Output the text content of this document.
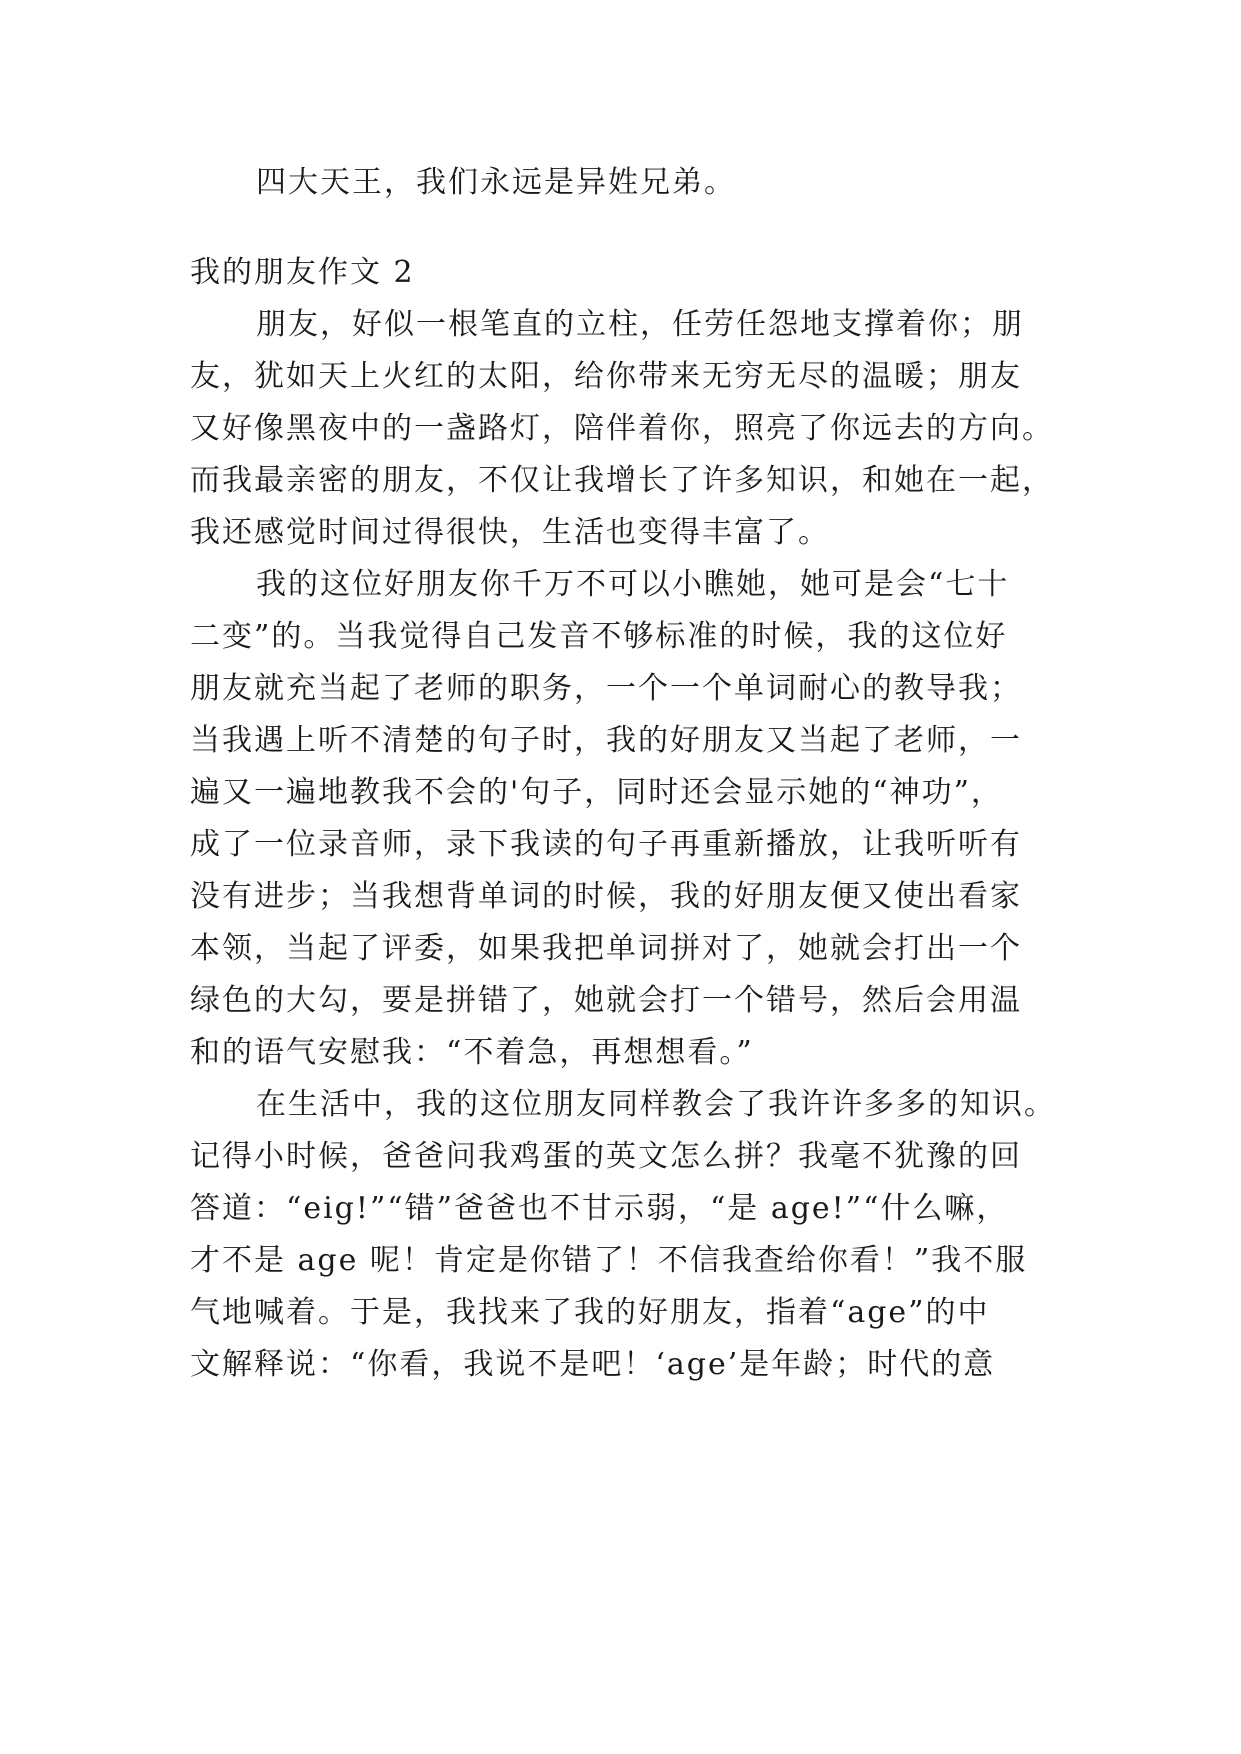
四大天王，我们永远是异姓兄弟。
我的朋友作文 2
朋友，好似一根笔直的立柱，任劳任怨地支撑着你；朋
友，犹如天上火红的太阳，给你带来无穷无尽的温暖；朋友
又好像黑夜中的一盏路灯，陪伴着你，照亮了你远去的方向。
而我最亲密的朋友，不仅让我增长了许多知识，和她在一起，
我还感觉时间过得很快，生活也变得丰富了。
我的这位好朋友你千万不可以小瞧她，她可是会“七十
二变”的。当我觉得自己发音不够标准的时候，我的这位好
朋友就充当起了老师的职务，一个一个单词耐心的教导我；
当我遇上听不清楚的句子时，我的好朋友又当起了老师，一
遍又一遍地教我不会的'句子，同时还会显示她的“神功”，
成了一位录音师，录下我读的句子再重新播放，让我听听有
没有进步；当我想背单词的时候，我的好朋友便又使出看家
本领，当起了评委，如果我把单词拼对了，她就会打出一个
绿色的大勾，要是拼错了，她就会打一个错号，然后会用温
和的语气安慰我：“不着急，再想想看。”
在生活中，我的这位朋友同样教会了我许许多多的知识。
记得小时候，爸爸问我鸡蛋的英文怎么拼？我毫不犹豫的回
答道：“eig!”“错”爸爸也不甘示弱，“是 age!”“什么嘛，
才不是 age 呢！肯定是你错了！不信我查给你看！”我不服
气地喊着。于是，我找来了我的好朋友，指着“age”的中
文解释说：“你看，我说不是吧！‘age’是年龄；时代的意
